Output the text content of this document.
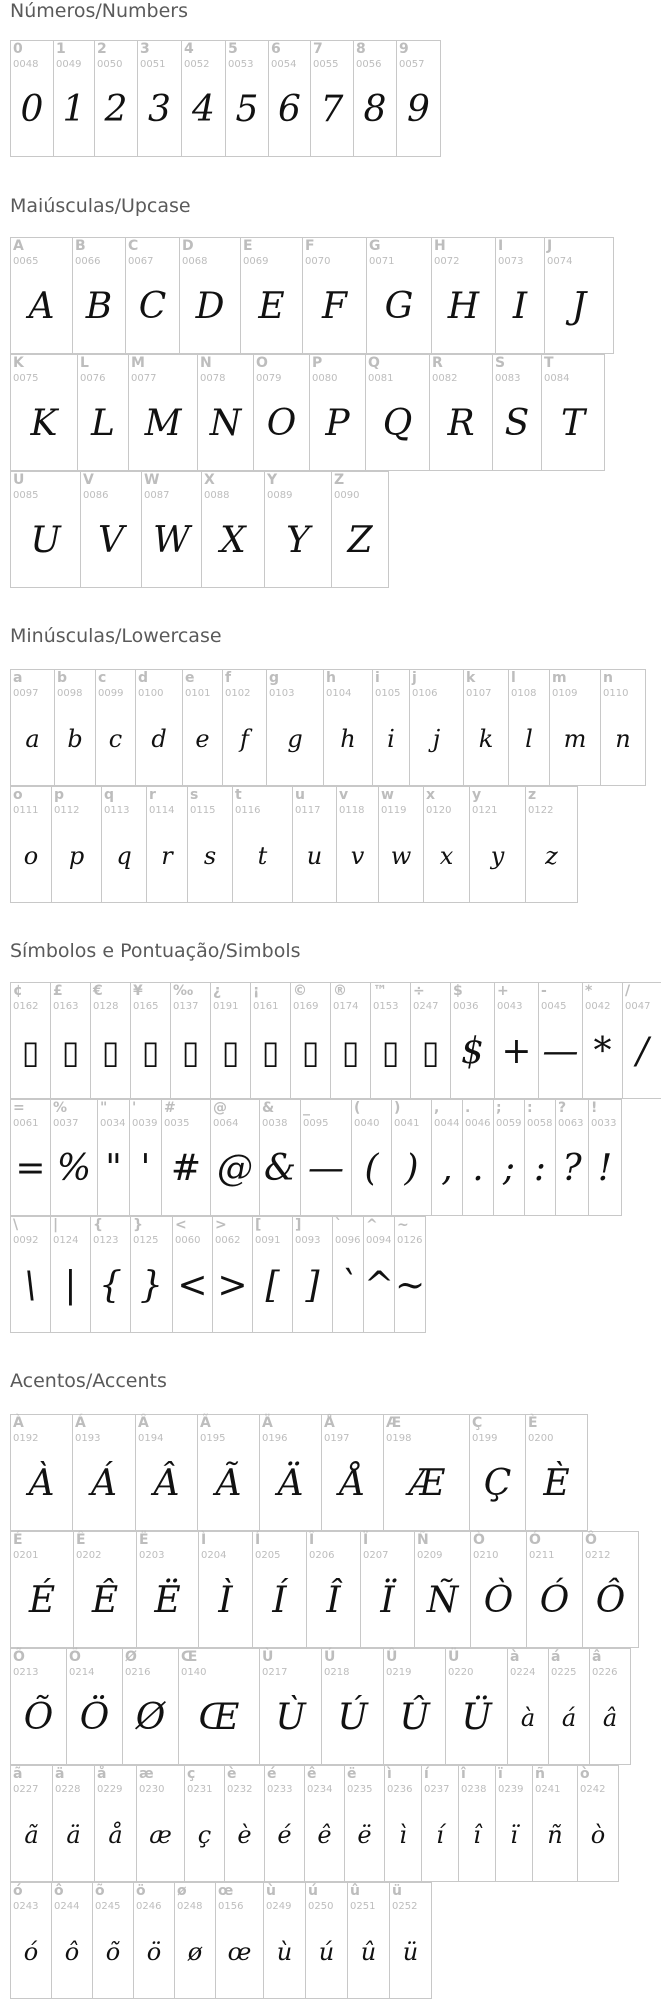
Números/Numbers
0
0048
0
1
0049
1
2
0050
2
3
0051
3
4
0052
4
5
0053
5
6
0054
6
7
0055
7
8
0056
8
9
0057
9
Maiúsculas/Upcase
A
0065
A
B
0066
B
C
0067
C
D
0068
D
E
0069
E
F
0070
F
G
0071
G
H
0072
H
I
0073
I
J
0074
J
K
0075
K
L
0076
L
M
0077
M
N
0078
N
O
0079
O
P
0080
P
Q
0081
Q
R
0082
R
S
0083
S
T
0084
T
U
0085
U
V
0086
V
W
0087
W
X
0088
X
Y
0089
Y
Z
0090
Z
Minúsculas/Lowercase
a
0097
a
b
0098
b
c
0099
c
d
0100
d
e
0101
e
f
0102
f
g
0103
g
h
0104
h
i
0105
i
j
0106
j
k
0107
k
l
0108
l
m
0109
m
n
0110
n
o
0111
o
p
0112
p
q
0113
q
r
0114
r
s
0115
s
t
0116
t
u
0117
u
v
0118
v
w
0119
w
x
0120
x
y
0121
y
z
0122
z
Símbolos e Pontuação/Simbols
¢
0162
▯
£
0163
▯
€
0128
▯
¥
0165
▯
‰
0137
▯
¿
0191
▯
¡
0161
▯
©
0169
▯
®
0174
▯
™
0153
▯
÷
0247
▯
$
0036
$
+
0043
+
-
0045
—
*
0042
*
/
0047
/
=
0061
=
%
0037
%
"
0034
"
'
0039
'
#
0035
#
@
0064
@
&
0038
&
_
0095
—
(
0040
(
)
0041
)
,
0044
,
.
0046
.
;
0059
;
:
0058
:
?
0063
?
!
0033
!
\
0092
\
|
0124
|
{
0123
{
}
0125
}
<
0060
<
>
0062
>
[
0091
[
]
0093
]
`
0096
`
^
0094
^
~
0126
~
Acentos/Accents
À
0192
À
Á
0193
Á
Â
0194
Â
Ã
0195
Ã
Ä
0196
Ä
Å
0197
Å
Æ
0198
Æ
Ç
0199
Ç
È
0200
È
É
0201
É
Ê
0202
Ê
Ë
0203
Ë
Ì
0204
Ì
Í
0205
Í
Î
0206
Î
Ï
0207
Ï
Ñ
0209
Ñ
Ò
0210
Ò
Ó
0211
Ó
Ô
0212
Ô
Õ
0213
Õ
Ö
0214
Ö
Ø
0216
Ø
Œ
0140
Œ
Ù
0217
Ù
Ú
0218
Ú
Û
0219
Û
Ü
0220
Ü
à
0224
à
á
0225
á
â
0226
â
ã
0227
ã
ä
0228
ä
å
0229
å
æ
0230
æ
ç
0231
ç
è
0232
è
é
0233
é
ê
0234
ê
ë
0235
ë
ì
0236
ì
í
0237
í
î
0238
î
ï
0239
ï
ñ
0241
ñ
ò
0242
ò
ó
0243
ó
ô
0244
ô
õ
0245
õ
ö
0246
ö
ø
0248
ø
œ
0156
œ
ù
0249
ù
ú
0250
ú
û
0251
û
ü
0252
ü
